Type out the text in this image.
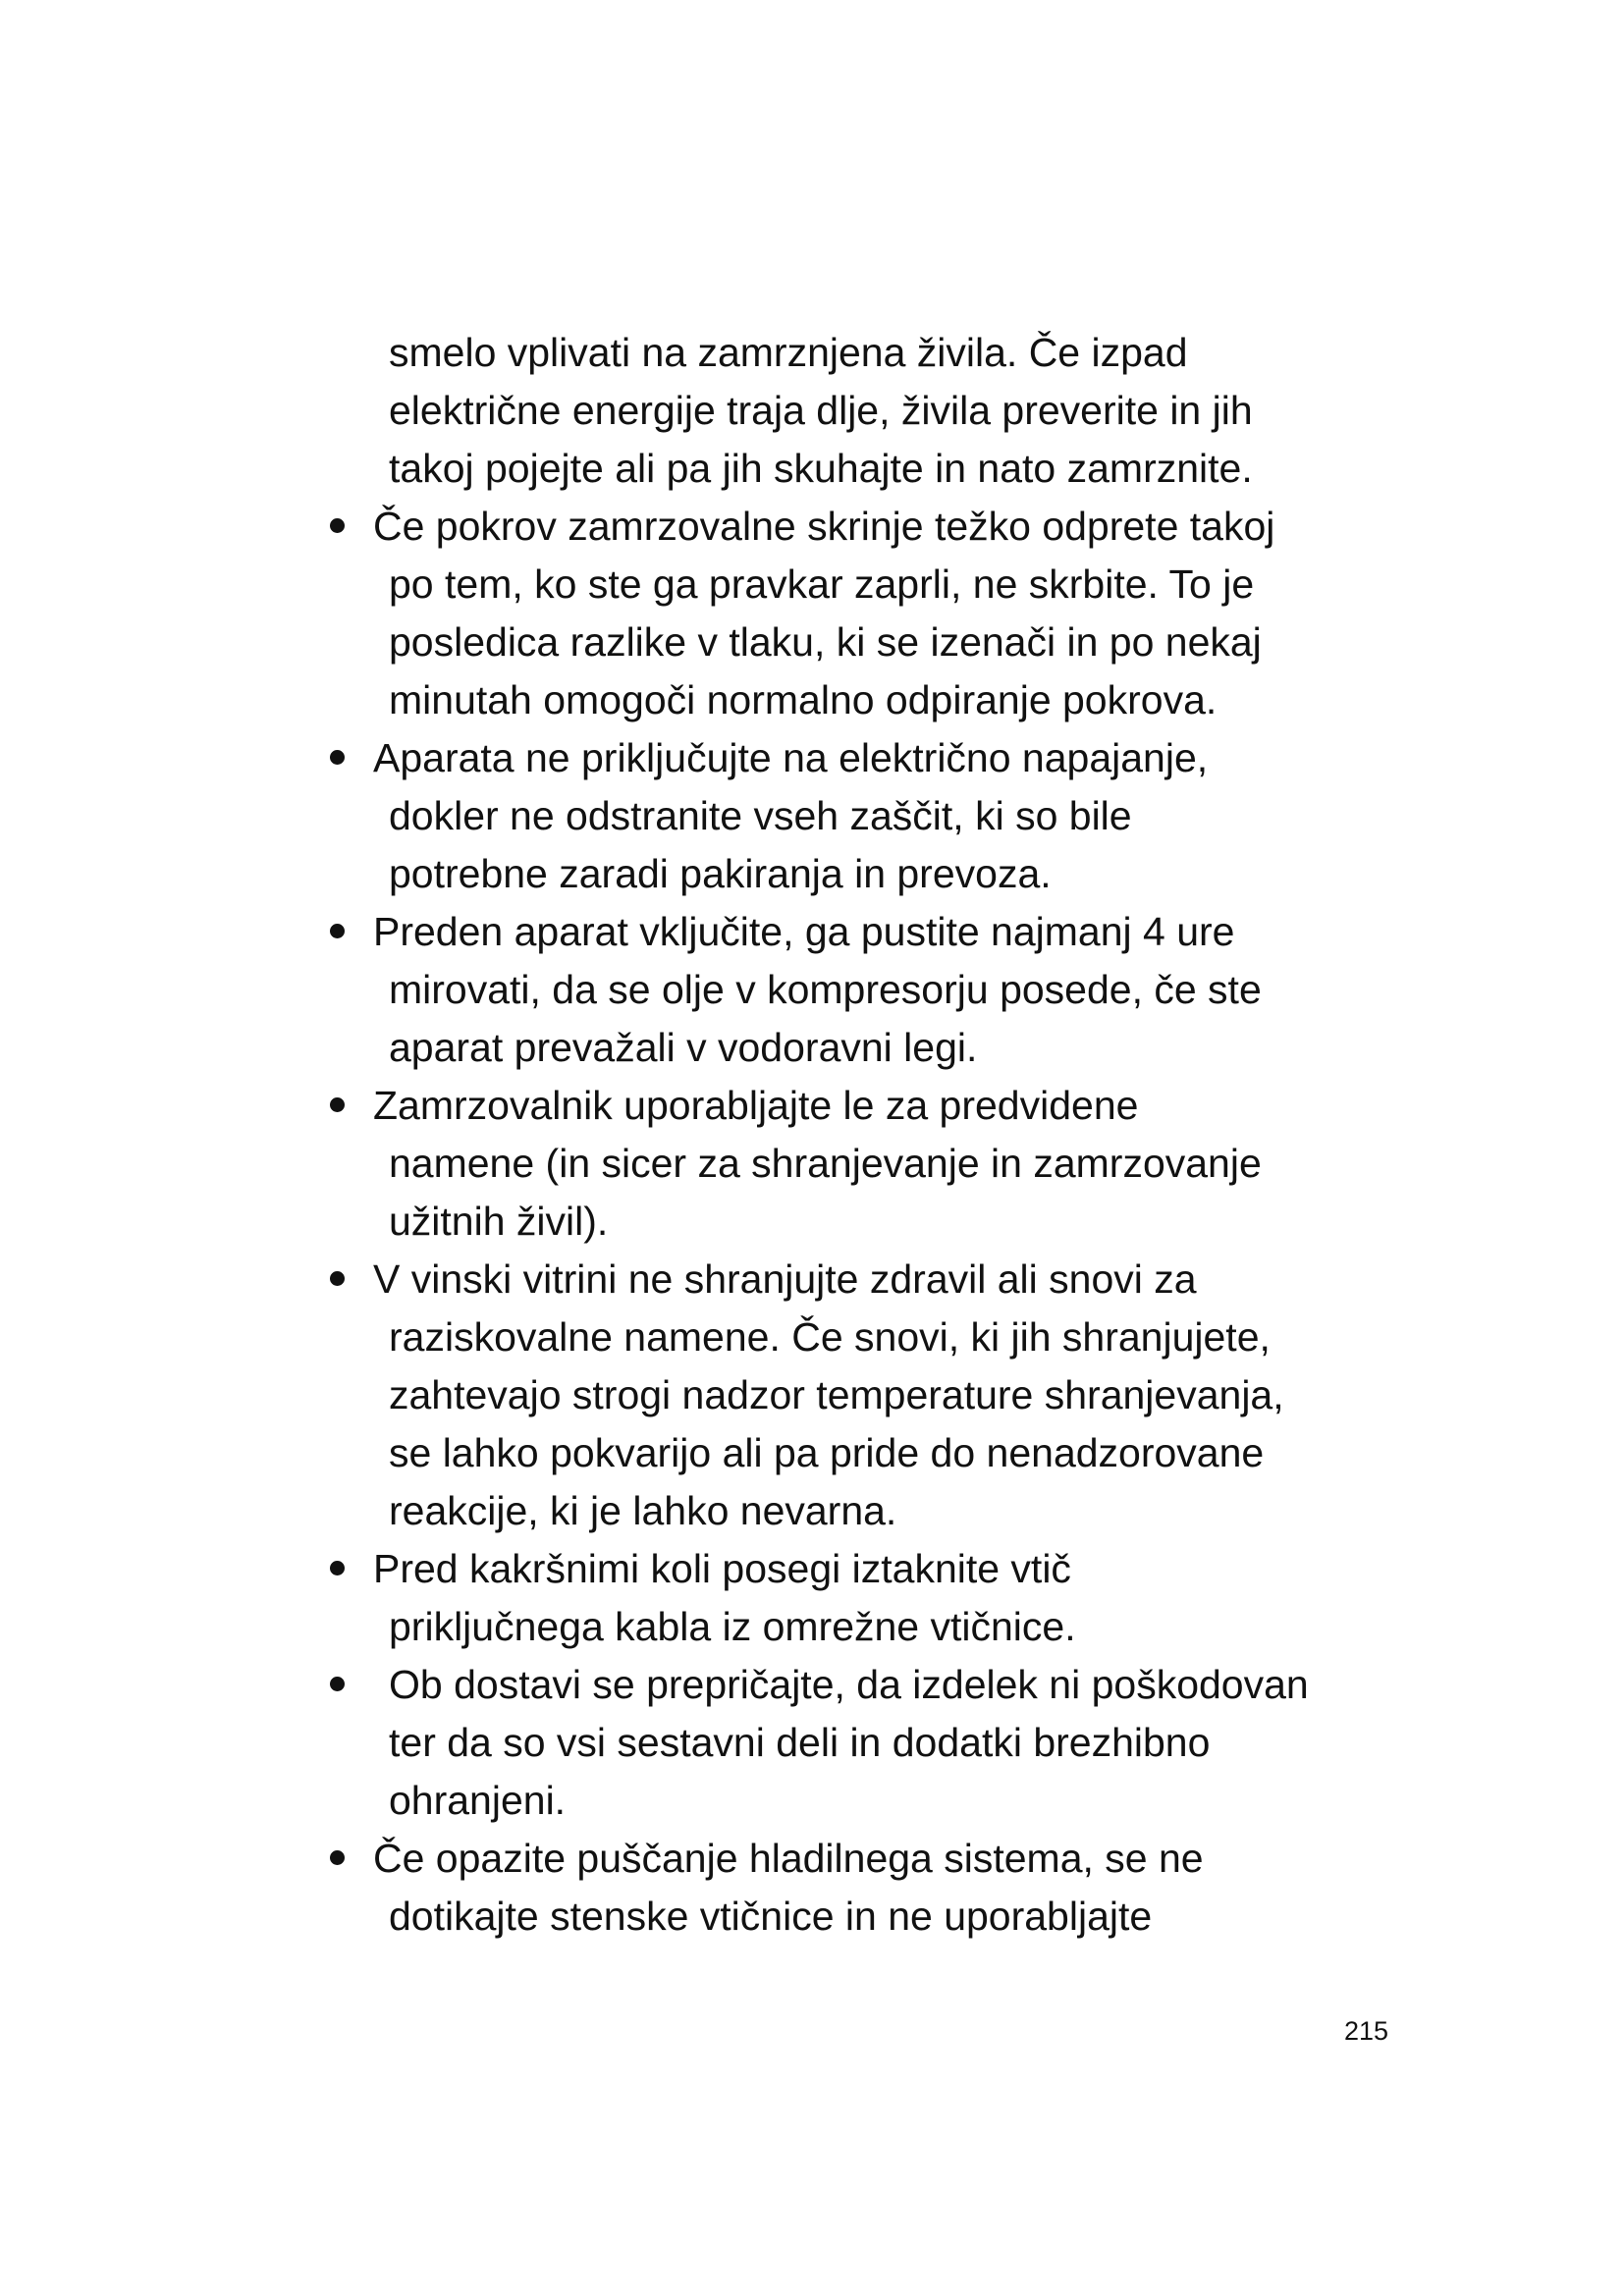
smelo vplivati na zamrznjena živila. Če izpad
električne energije traja dlje, živila preverite in jih
takoj pojejte ali pa jih skuhajte in nato zamrznite.
Če pokrov zamrzovalne skrinje težko odprete takoj
po tem, ko ste ga pravkar zaprli, ne skrbite. To je
posledica razlike v tlaku, ki se izenači in po nekaj
minutah omogoči normalno odpiranje pokrova.
Aparata ne priključujte na električno napajanje,
dokler ne odstranite vseh zaščit, ki so bile
potrebne zaradi pakiranja in prevoza.
Preden aparat vključite, ga pustite najmanj 4 ure
mirovati, da se olje v kompresorju posede, če ste
aparat prevažali v vodoravni legi.
Zamrzovalnik uporabljajte le za predvidene
namene (in sicer za shranjevanje in zamrzovanje
užitnih živil).
V vinski vitrini ne shranjujte zdravil ali snovi za
raziskovalne namene. Če snovi, ki jih shranjujete,
zahtevajo strogi nadzor temperature shranjevanja,
se lahko pokvarijo ali pa pride do nenadzorovane
reakcije, ki je lahko nevarna.
Pred kakršnimi koli posegi iztaknite vtič
priključnega kabla iz omrežne vtičnice.
Ob dostavi se prepričajte, da izdelek ni poškodovan
ter da so vsi sestavni deli in dodatki brezhibno
ohranjeni.
Če opazite puščanje hladilnega sistema, se ne
dotikajte stenske vtičnice in ne uporabljajte
215
